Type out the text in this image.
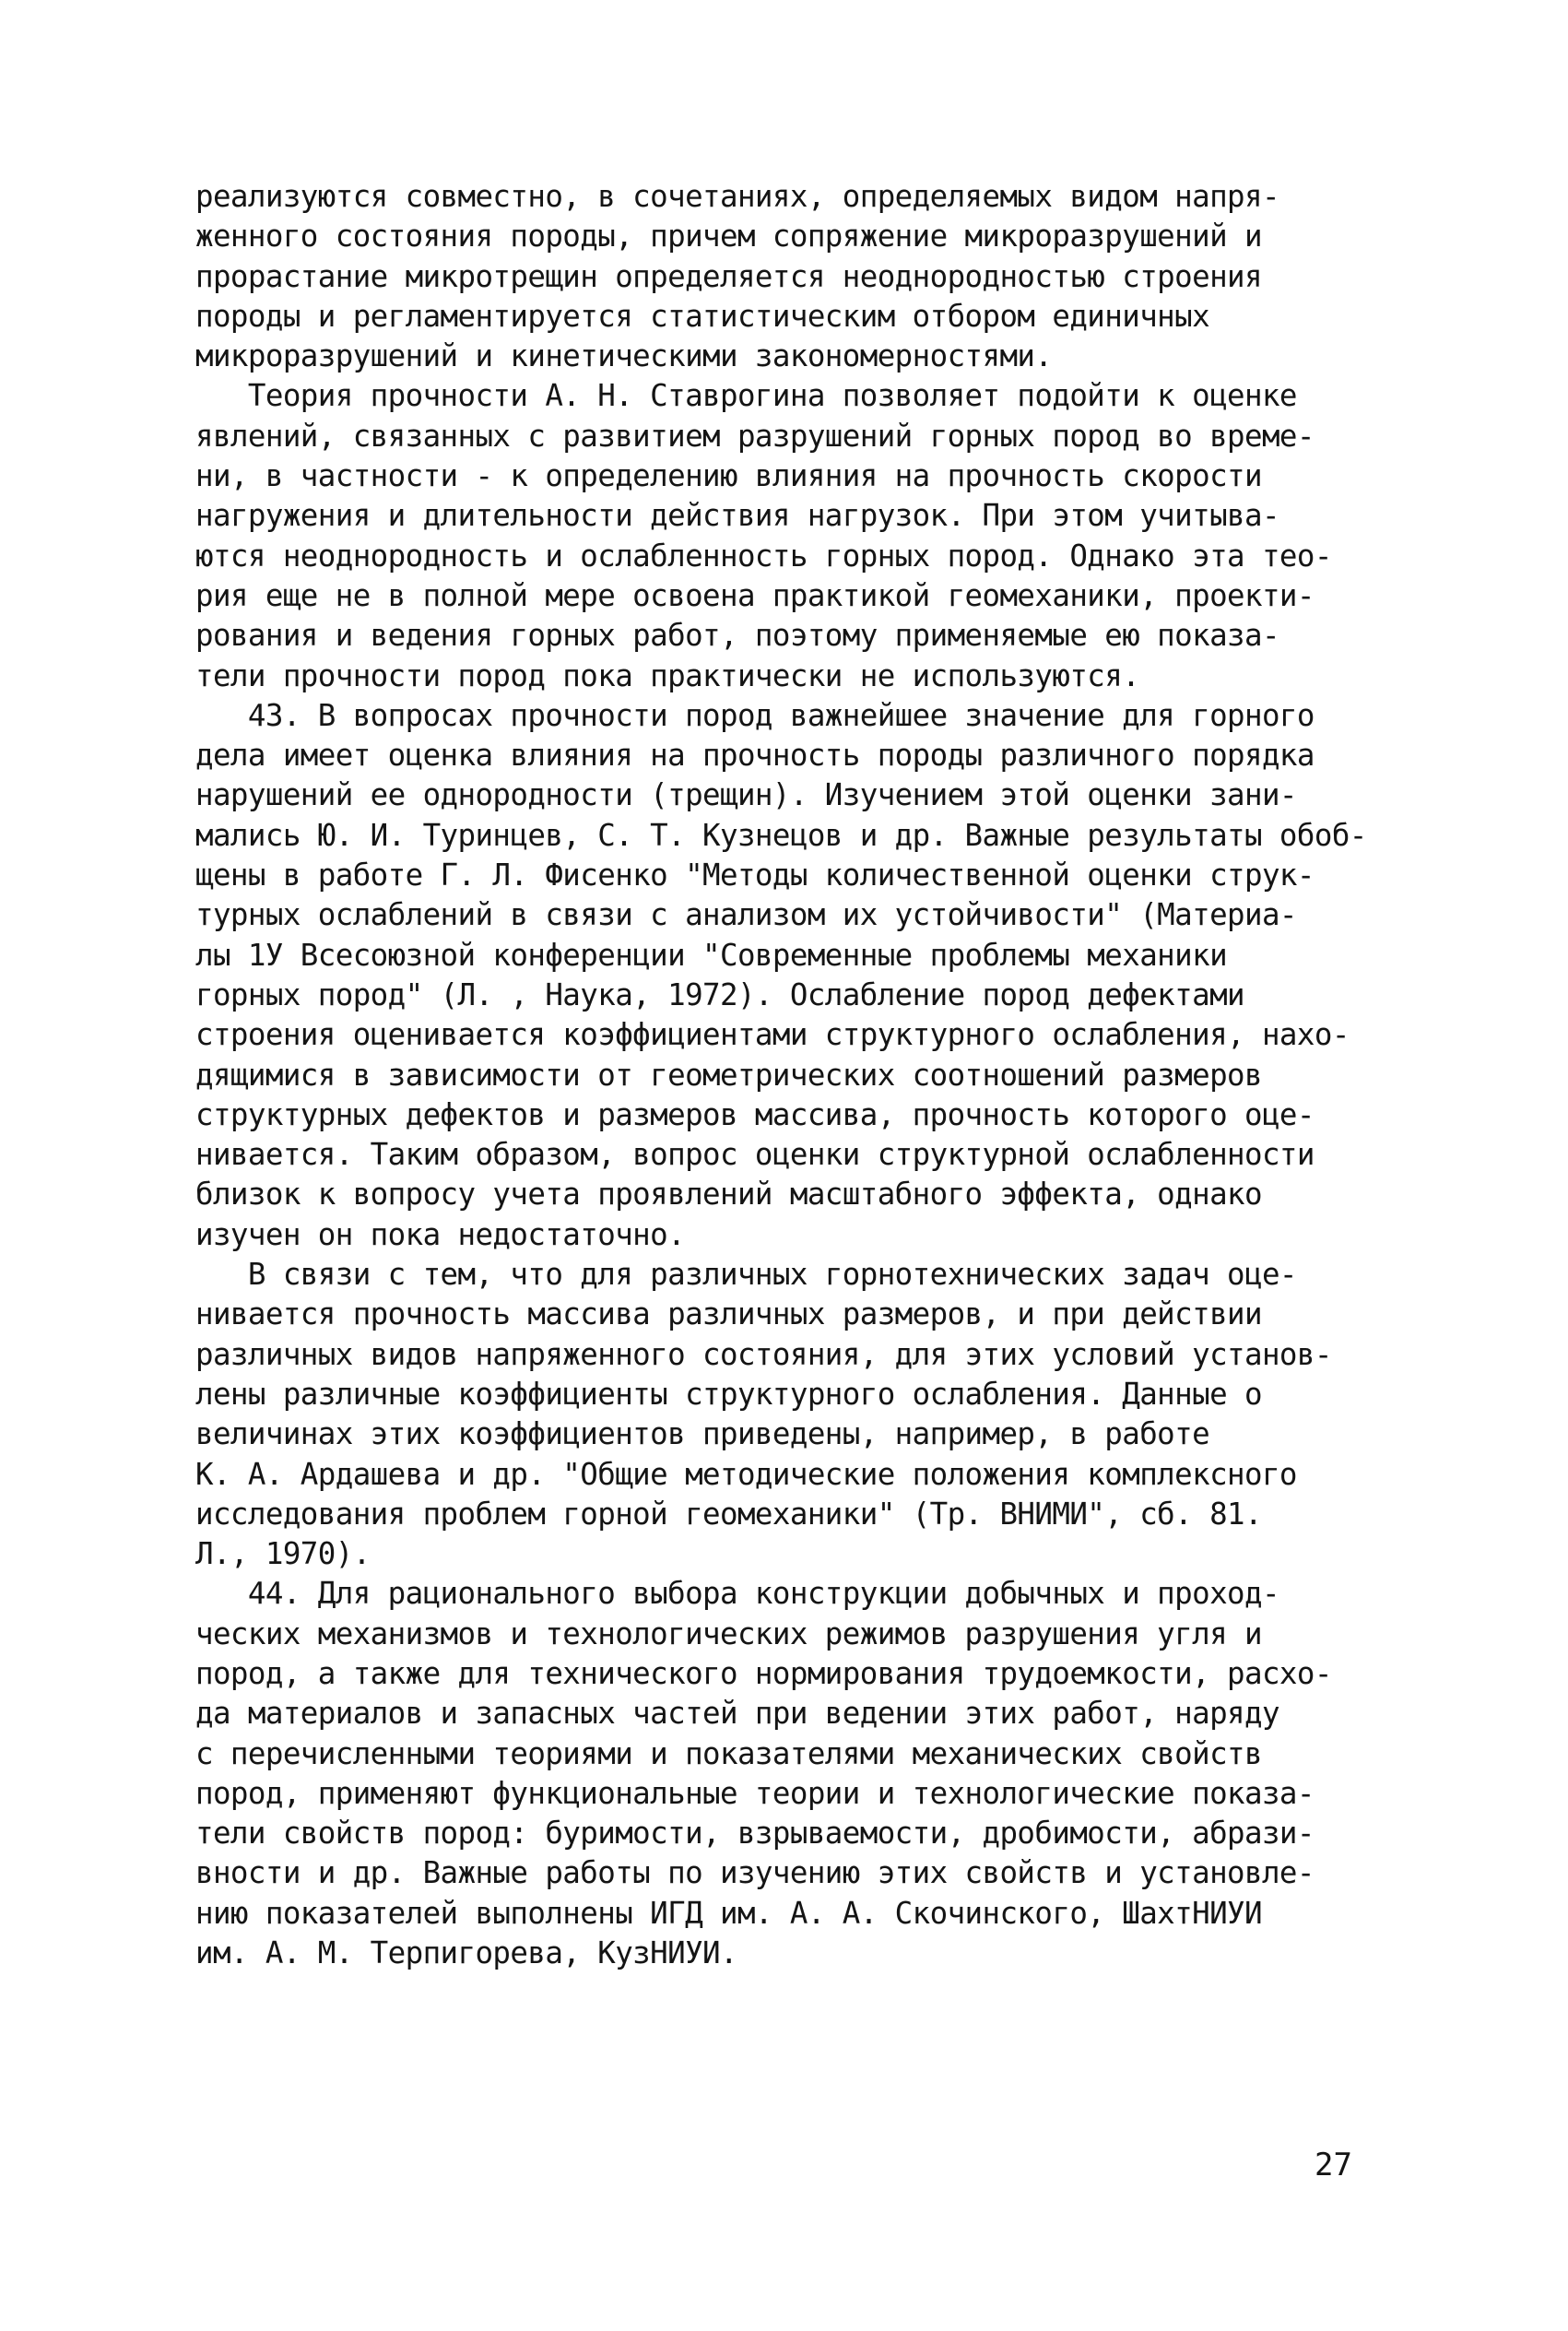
реализуются совместно, в сочетаниях, определяемых видом напря-
женного состояния породы, причем сопряжение микроразрушений и
прорастание микротрещин определяется неоднородностью строения
породы и регламентируется статистическим отбором единичных
микроразрушений и кинетическими закономерностями.
Теория прочности А. Н. Ставрогина позволяет подойти к оценке
явлений, связанных с развитием разрушений горных пород во време-
ни, в частности - к определению влияния на прочность скорости
нагружения и длительности действия нагрузок. При этом учитыва-
ются неоднородность и ослабленность горных пород. Однако эта тео-
рия еще не в полной мере освоена практикой геомеханики, проекти-
рования и ведения горных работ, поэтому применяемые ею показа-
тели прочности пород пока практически не используются.
43. В вопросах прочности пород важнейшее значение для горного
дела имеет оценка влияния на прочность породы различного порядка
нарушений ее однородности (трещин). Изучением этой оценки зани-
мались Ю. И. Туринцев, С. Т. Кузнецов и др. Важные результаты обоб-
щены в работе Г. Л. Фисенко "Методы количественной оценки струк-
турных ослаблений в связи с анализом их устойчивости" (Материа-
лы 1У Всесоюзной конференции "Современные проблемы механики
горных пород" (Л. , Наука, 1972). Ослабление пород дефектами
строения оценивается коэффициентами структурного ослабления, нахо-
дящимися в зависимости от геометрических соотношений размеров
структурных дефектов и размеров массива, прочность которого оце-
нивается. Таким образом, вопрос оценки структурной ослабленности
близок к вопросу учета проявлений масштабного эффекта, однако
изучен он пока недостаточно.
В связи с тем, что для различных горнотехнических задач оце-
нивается прочность массива различных размеров, и при действии
различных видов напряженного состояния, для этих условий установ-
лены различные коэффициенты структурного ослабления. Данные о
величинах этих коэффициентов приведены, например, в работе
К. А. Ардашева и др. "Общие методические положения комплексного
исследования проблем горной геомеханики" (Тр. ВНИМИ", сб. 81.
Л., 1970).
44. Для рационального выбора конструкции добычных и проход-
ческих механизмов и технологических режимов разрушения угля и
пород, а также для технического нормирования трудоемкости, расхо-
да материалов и запасных частей при ведении этих работ, наряду
с перечисленными теориями и показателями механических свойств
пород, применяют функциональные теории и технологические показа-
тели свойств пород: буримости, взрываемости, дробимости, абрази-
вности и др. Важные работы по изучению этих свойств и установле-
нию показателей выполнены ИГД им. А. А. Скочинского, ШахтНИУИ
им. А. М. Терпигорева, КузНИУИ.
27
